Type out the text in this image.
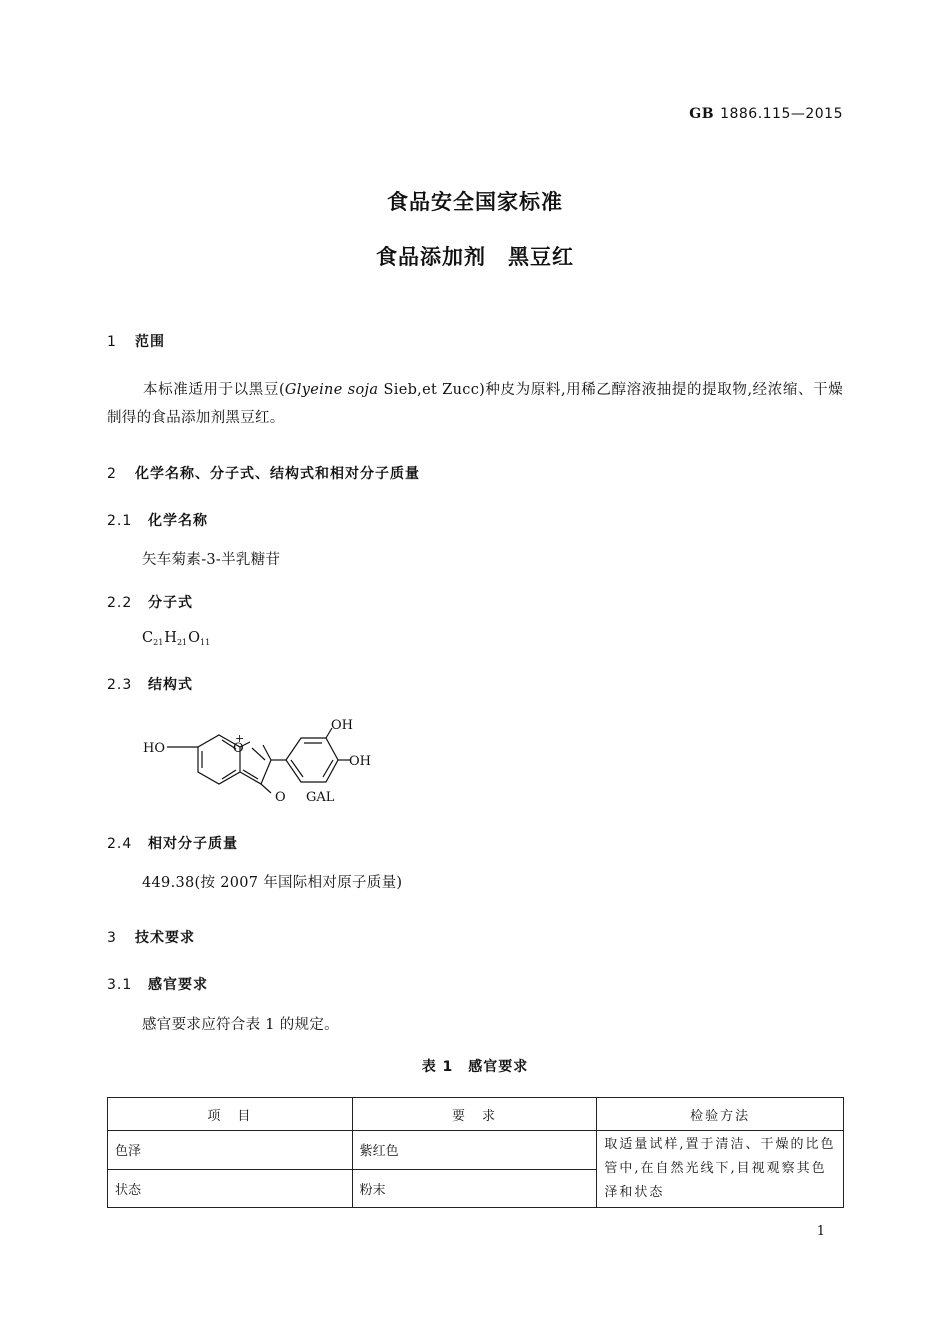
GB 1886.115—2015
食品安全国家标准
食品添加剂　黑豆红
1 范围
本标准适用于以黑豆(Glyeine soja Sieb,et Zucc)种皮为原料,用稀乙醇溶液抽提的提取物,经浓缩、干燥制得的食品添加剂黑豆红。
2 化学名称、分子式、结构式和相对分子质量
2.1 化学名称
矢车菊素-3-半乳糖苷
2.2 分子式
$C_{21}H_{21}O_{11}$
2.3 结构式
HO
+
O
OH
OH
O GAL
2.4 相对分子质量
449.38(按 2007 年国际相对原子质量)
3 技术要求
3.1 感官要求
感官要求应符合表 1 的规定。
表 1　感官要求
项　目	要　求	检验方法
色泽	紫红色	取适量试样,置于清洁、干燥的比色管中,在自然光线下,目视观察其色泽和状态
状态	粉末	
1
